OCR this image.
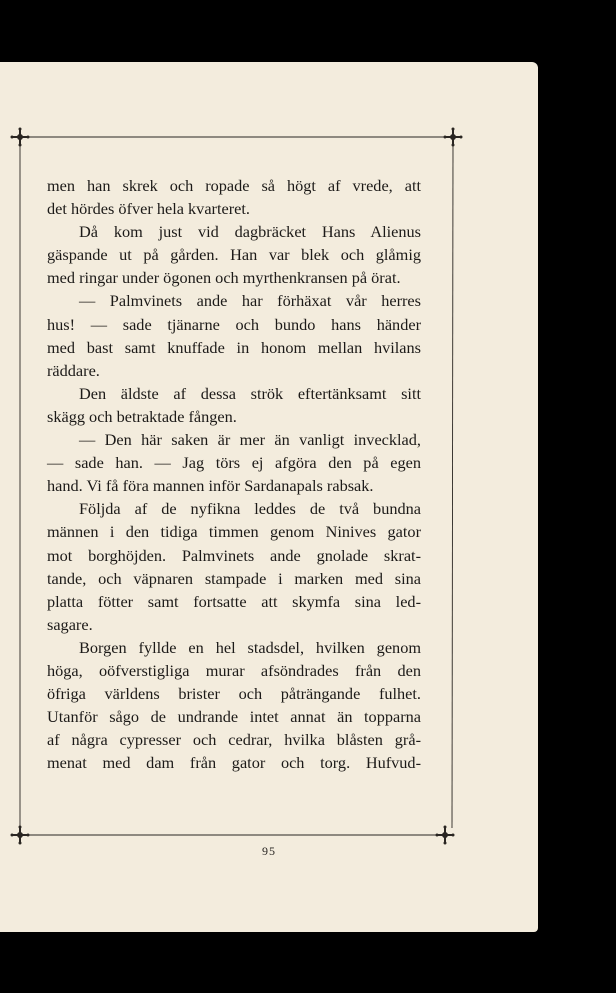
men han skrek och ropade så högt af vrede, att

det hördes öfver hela kvarteret.

Då kom just vid dagbräcket Hans Alienus

gäspande ut på gården. Han var blek och glåmig

med ringar under ögonen och myrthenkransen på örat.

— Palmvinets ande har förhäxat vår herres

hus! — sade tjänarne och bundo hans händer

med bast samt knuffade in honom mellan hvilans

räddare.

Den äldste af dessa strök eftertänksamt sitt

skägg och betraktade fången.

— Den här saken är mer än vanligt invecklad,

— sade han. — Jag törs ej afgöra den på egen

hand. Vi få föra mannen inför Sardanapals rabsak.

Följda af de nyfikna leddes de två bundna

männen i den tidiga timmen genom Ninives gator

mot borghöjden. Palmvinets ande gnolade skrat-

tande, och väpnaren stampade i marken med sina

platta fötter samt fortsatte att skymfa sina led-

sagare.

Borgen fyllde en hel stadsdel, hvilken genom

höga, oöfverstigliga murar afsöndrades från den

öfriga världens brister och påträngande fulhet.

Utanför sågo de undrande intet annat än topparna

af några cypresser och cedrar, hvilka blåsten grå-

menat med dam från gator och torg. Hufvud-

95
